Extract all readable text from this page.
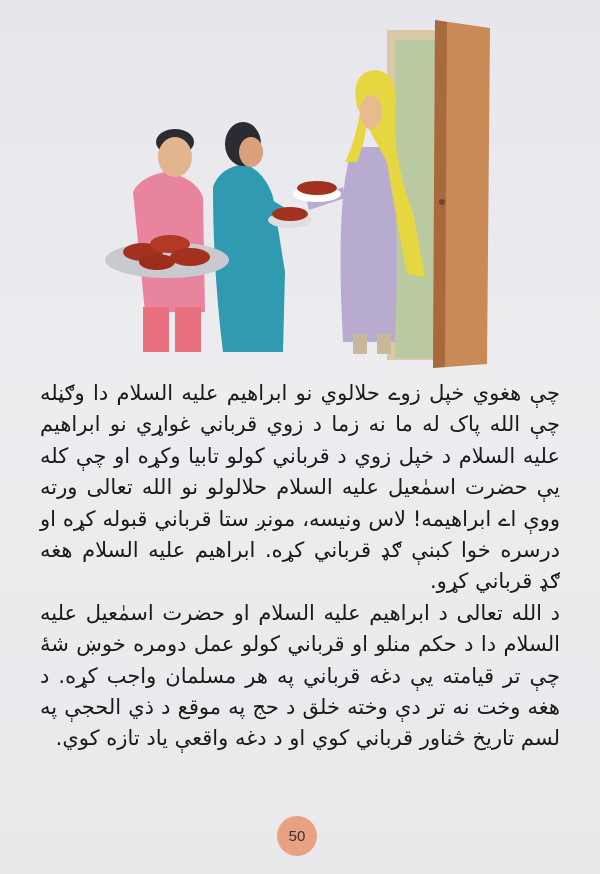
چې هغوي خپل زوے حلالوي نو ابراهيم عليه السلام دا وګڼله چې الله پاک له ما نه زما د زوي قرباني غواړي نو ابراهيم عليه السلام د خپل زوي د قرباني کولو تابيا وکړه او چې کله يې حضرت اسمٰعيل عليه السلام حلالولو نو الله تعالى ورته ووې اے ابراهيمه! لاس ونيسه، مونږ ستا قرباني قبوله کړه او درسره خوا کبنې ګډ قرباني کړه. ابراهيم عليه السلام هغه ګډ قرباني کړو.

د الله تعالى د ابراهيم عليه السلام او حضرت اسمٰعيل عليه السلام دا د حکم منلو او قرباني کولو عمل دومره خوښ شۀ چې تر قيامته يې دغه قرباني په هر مسلمان واجب کړه. د هغه وخت نه تر دې وخته خلق د حج په موقع د ذي الحجې په لسم تاريخ څناور قرباني کوي او د دغه واقعې ياد تازه کوي.

50
